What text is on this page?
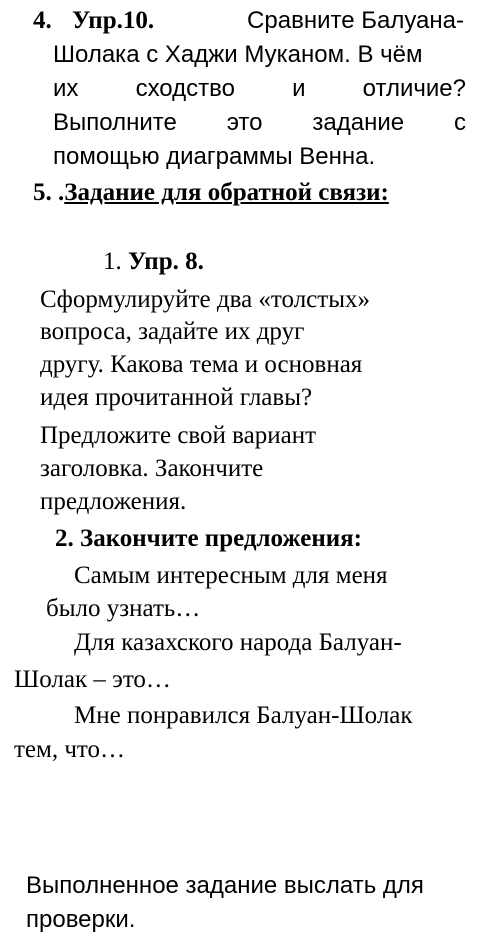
4. Упр.10.	Сравните Балуана-
Шолака с Хаджи Муканом. В чём
их сходство и отличие?
Выполните это задание с
помощью диаграммы Венна.
5. .Задание для обратной связи:
1. Упр. 8.
Сформулируйте два «толстых»
вопроса, задайте их друг
другу. Какова тема и основная
идея прочитанной главы?
Предложите свой вариант
заголовка. Закончите
предложения.
2. Закончите предложения:
Самым интересным для меня
было узнать…
Для казахского народа Балуан-
Шолак – это…
Мне понравился Балуан-Шолак
тем, что…
Выполненное задание выслать для
проверки.
